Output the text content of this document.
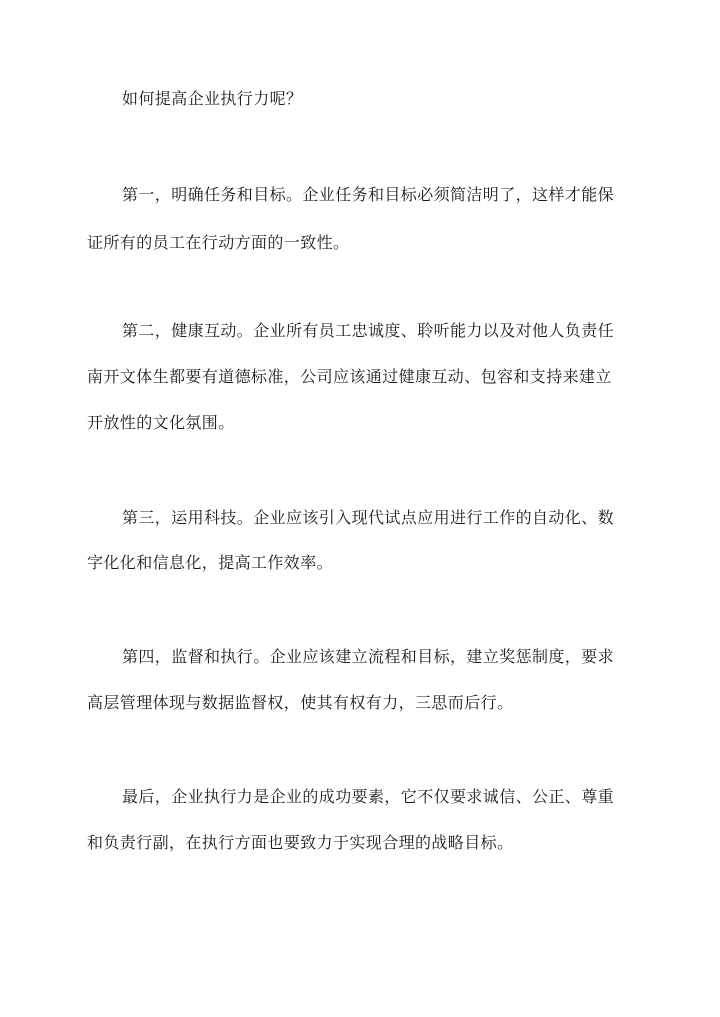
如何提高企业执行力呢？
第一，明确任务和目标。企业任务和目标必须简洁明了，这样才能保
证所有的员工在行动方面的一致性。
第二，健康互动。企业所有员工忠诚度、聆听能力以及对他人负责任
南开文体生都要有道德标准，公司应该通过健康互动、包容和支持来建立
开放性的文化氛围。
第三，运用科技。企业应该引入现代试点应用进行工作的自动化、数
字化化和信息化，提高工作效率。
第四，监督和执行。企业应该建立流程和目标，建立奖惩制度，要求
高层管理体现与数据监督权，使其有权有力，三思而后行。
最后，企业执行力是企业的成功要素，它不仅要求诚信、公正、尊重
和负责行副，在执行方面也要致力于实现合理的战略目标。
